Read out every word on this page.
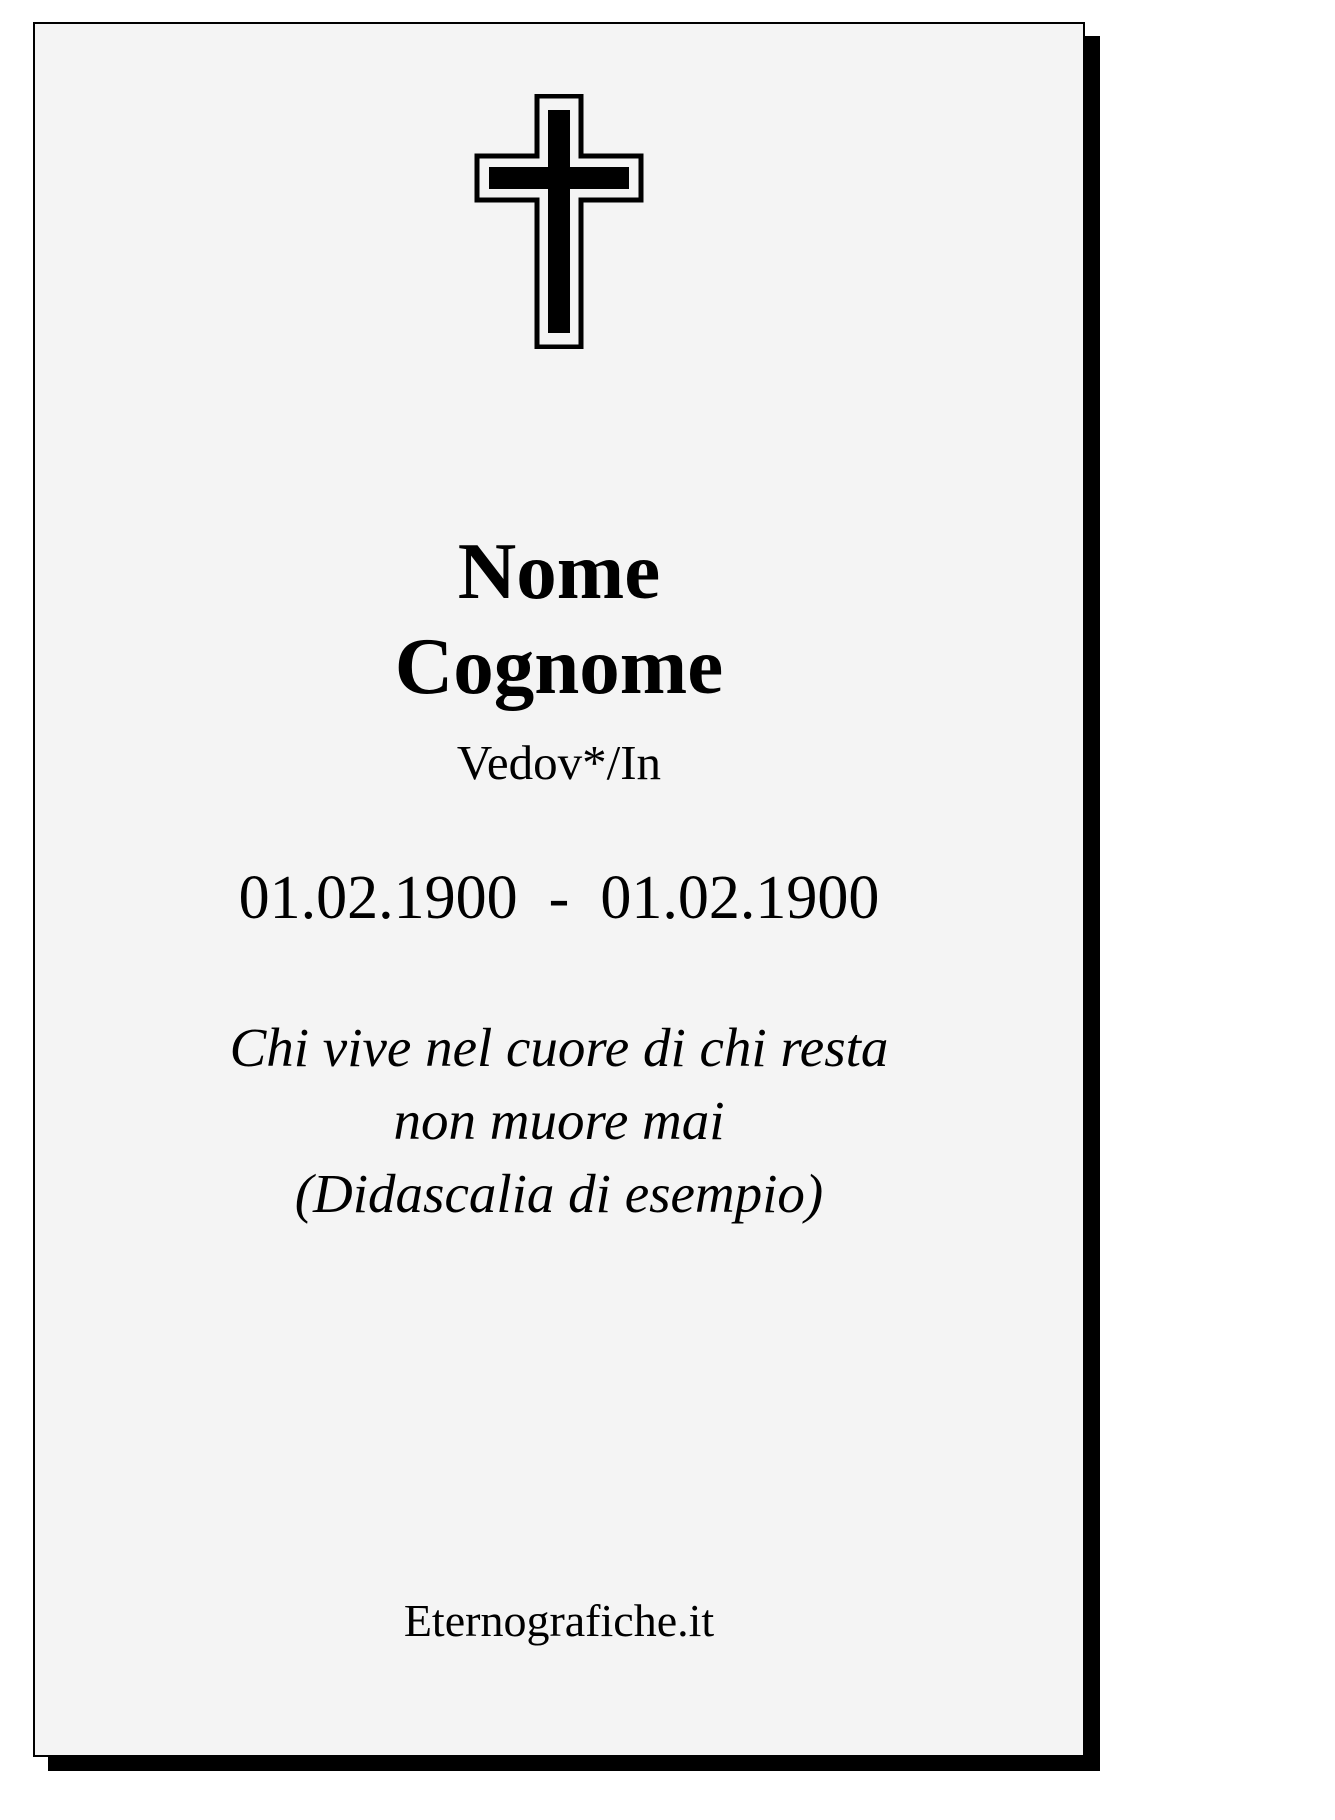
Nome
Cognome
Vedov*/In
01.02.1900  -  01.02.1900
Chi vive nel cuore di chi resta
non muore mai
(Didascalia di esempio)
Eternografiche.it
